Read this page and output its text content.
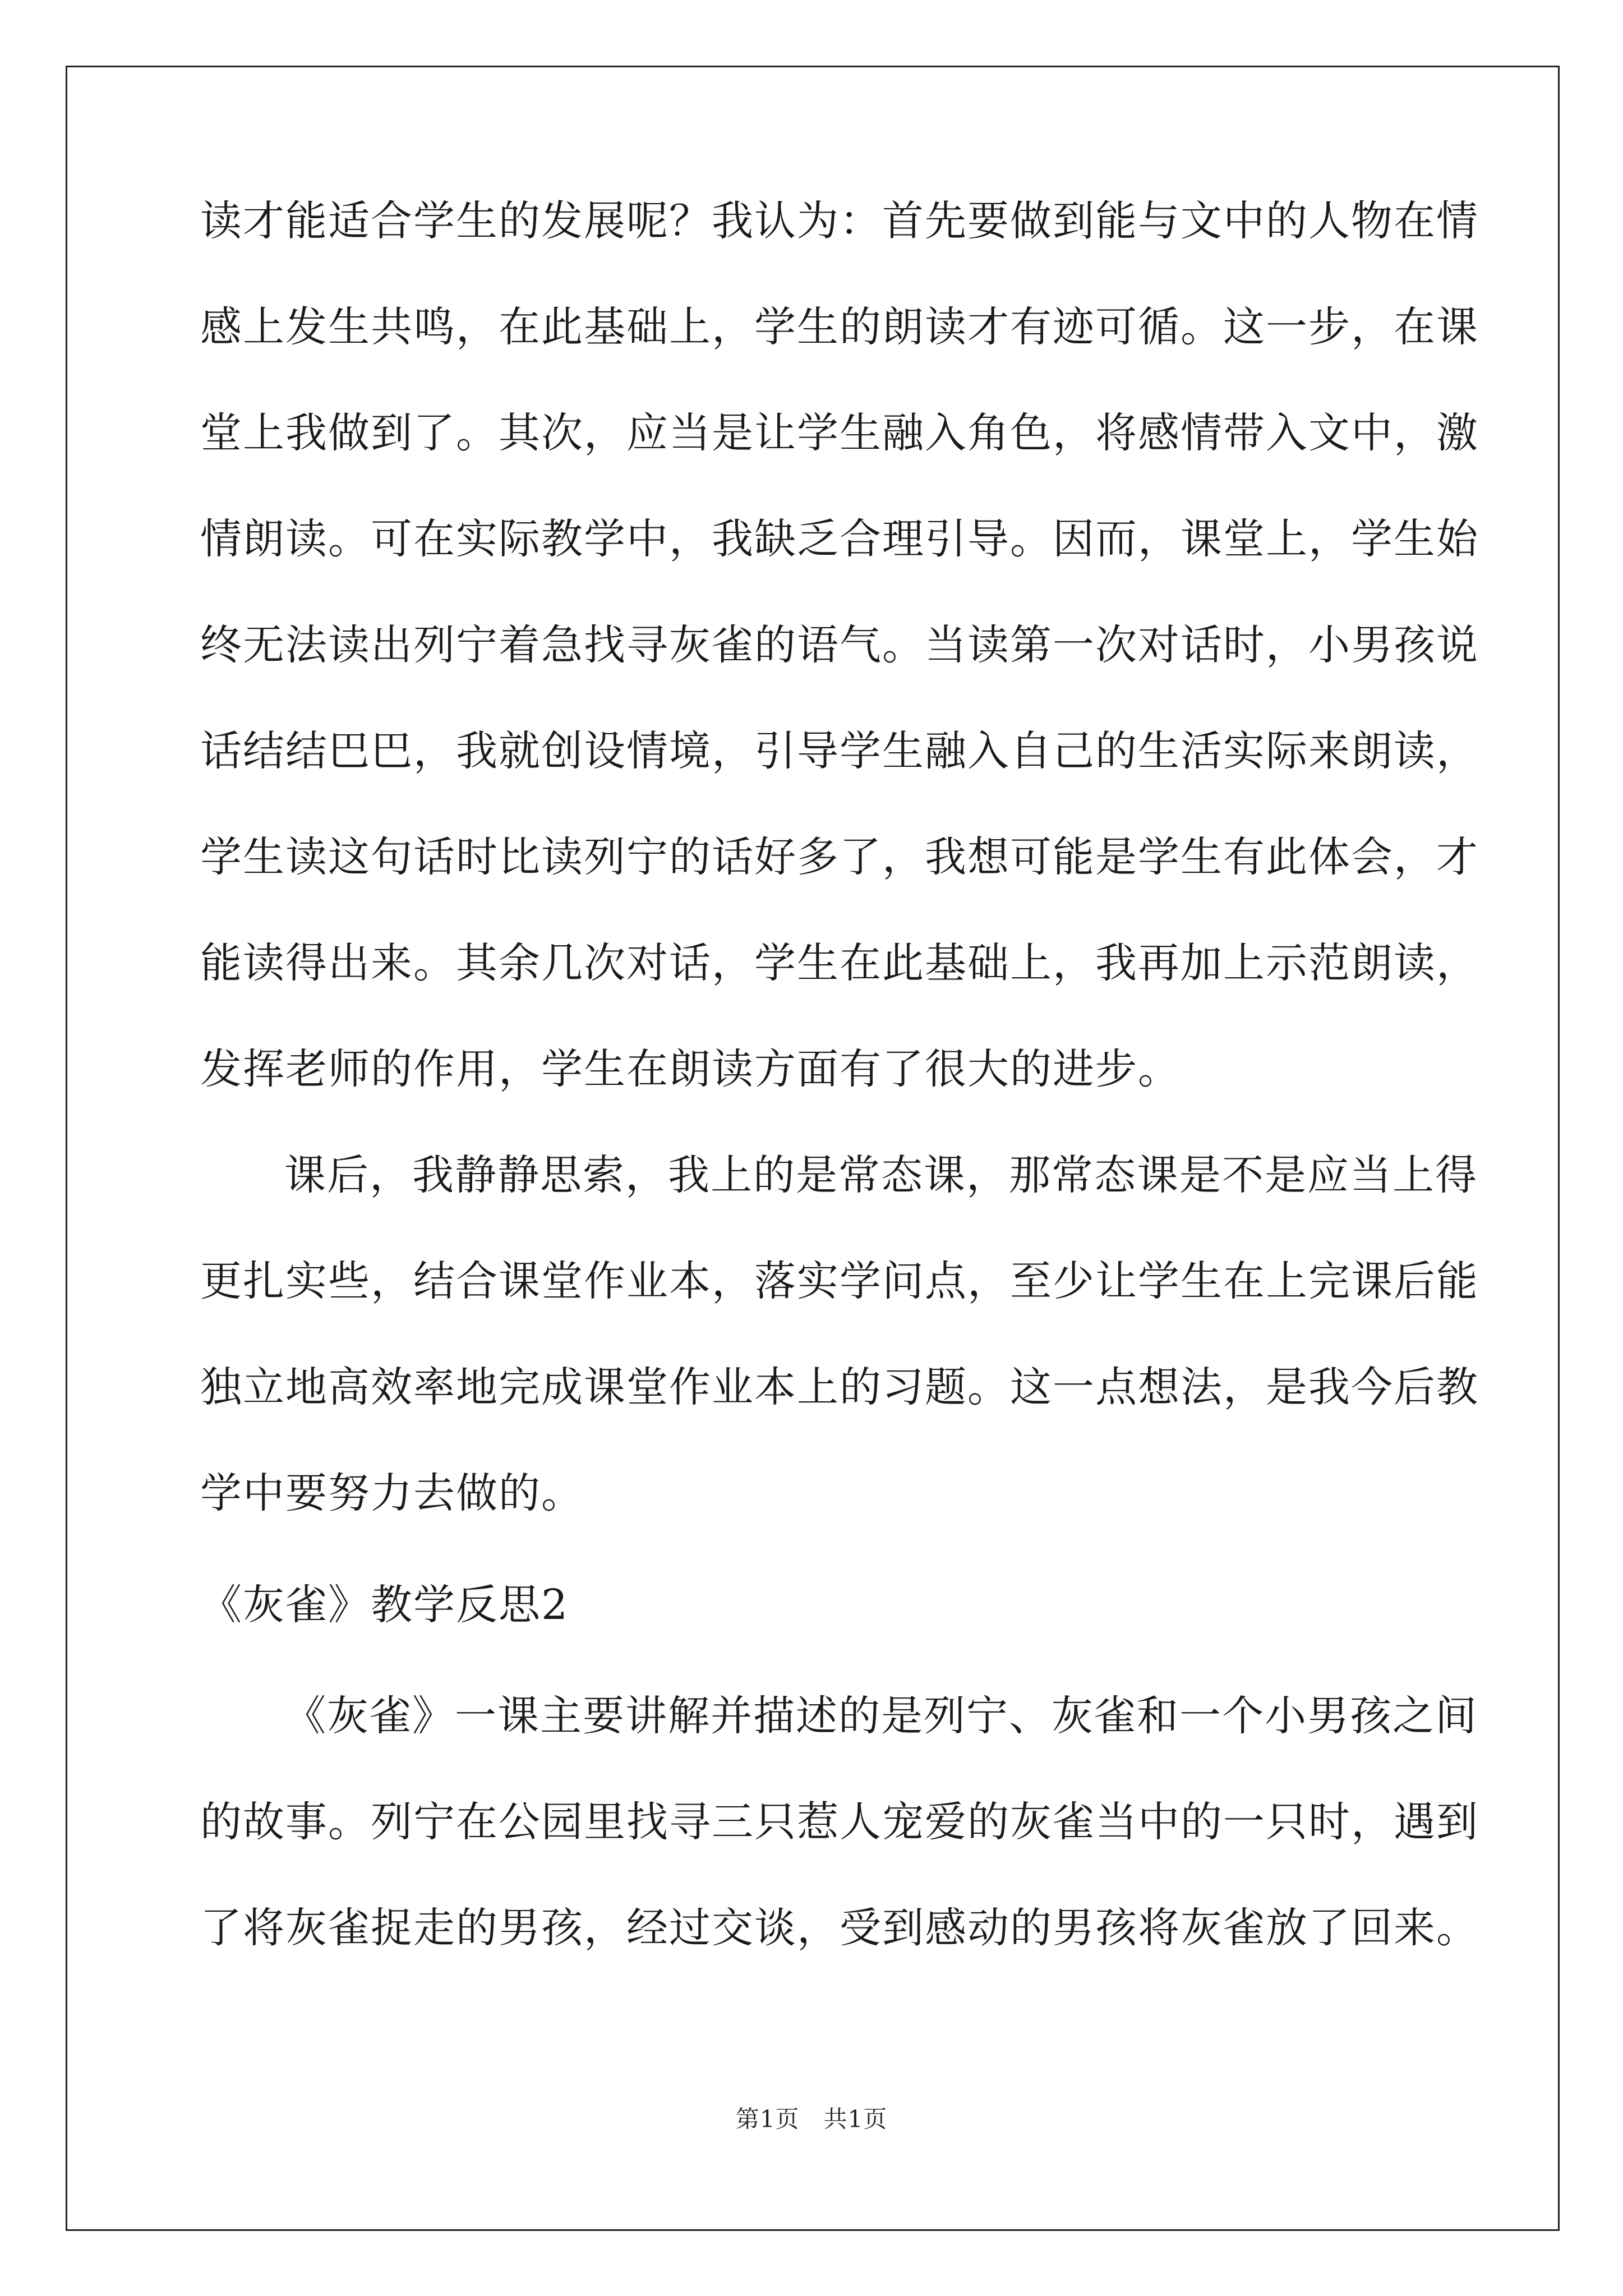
读才能适合学生的发展呢？我认为：首先要做到能与文中的人物在情
感上发生共鸣，在此基础上，学生的朗读才有迹可循。这一步，在课
堂上我做到了。其次，应当是让学生融入角色，将感情带入文中，激
情朗读。可在实际教学中，我缺乏合理引导。因而，课堂上，学生始
终无法读出列宁着急找寻灰雀的语气。当读第一次对话时，小男孩说
话结结巴巴，我就创设情境，引导学生融入自己的生活实际来朗读，
学生读这句话时比读列宁的话好多了，我想可能是学生有此体会，才
能读得出来。其余几次对话，学生在此基础上，我再加上示范朗读，
发挥老师的作用，学生在朗读方面有了很大的进步。
课后，我静静思索，我上的是常态课，那常态课是不是应当上得
更扎实些，结合课堂作业本，落实学问点，至少让学生在上完课后能
独立地高效率地完成课堂作业本上的习题。这一点想法，是我今后教
学中要努力去做的。
《灰雀》教学反思2
《灰雀》一课主要讲解并描述的是列宁、灰雀和一个小男孩之间
的故事。列宁在公园里找寻三只惹人宠爱的灰雀当中的一只时，遇到
了将灰雀捉走的男孩，经过交谈，受到感动的男孩将灰雀放了回来。
第1页　共1页
